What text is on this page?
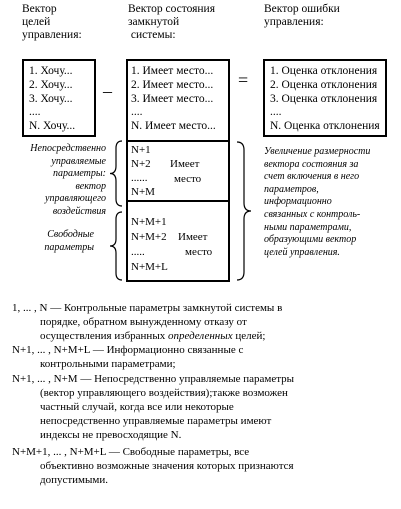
Вектор
целей
управления:
Вектор состояния
замкнутой
системы:
Вектор ошибки
управления:
1. Хочу...
2. Хочу...
3. Хочу...
....
N. Хочу...
–
1. Имеет место...
2. Имеет место...
3. Имеет место...
....
N. Имеет место...
N+1
N+2
......
N+M
Имеет
место
N+M+1
N+M+2
.....
N+M+L
Имеет
место
= 1. Оценка отклонения
2. Оценка отклонения
3. Оценка отклонения
....
N. Оценка отклонения
Непосредственно
управляемые
параметры:
вектор
управляющего
воздействия
Свободные
параметры
Увеличение размерности
вектора состояния за
счет включения в него
параметров,
информационно
связанных с контроль-
ными параметрами,
образующими вектор
целей управления.
1, ... , N — Контрольные параметры замкнутой системы в
порядке, обратном вынужденному отказу от
осуществления избранных определенных целей;
N+1, ... , N+M+L — Информационно связанные с
контрольными параметрами;
N+1, ... , N+M — Непосредственно управляемые параметры
(вектор управляющего воздействия);также возможен
частный случай, когда все или некоторые
непосредственно управляемые параметры имеют
индексы не превосходящие N.
N+M+1, ... , N+M+L — Свободные параметры, все
объективно возможные значения которых признаются
допустимыми.
